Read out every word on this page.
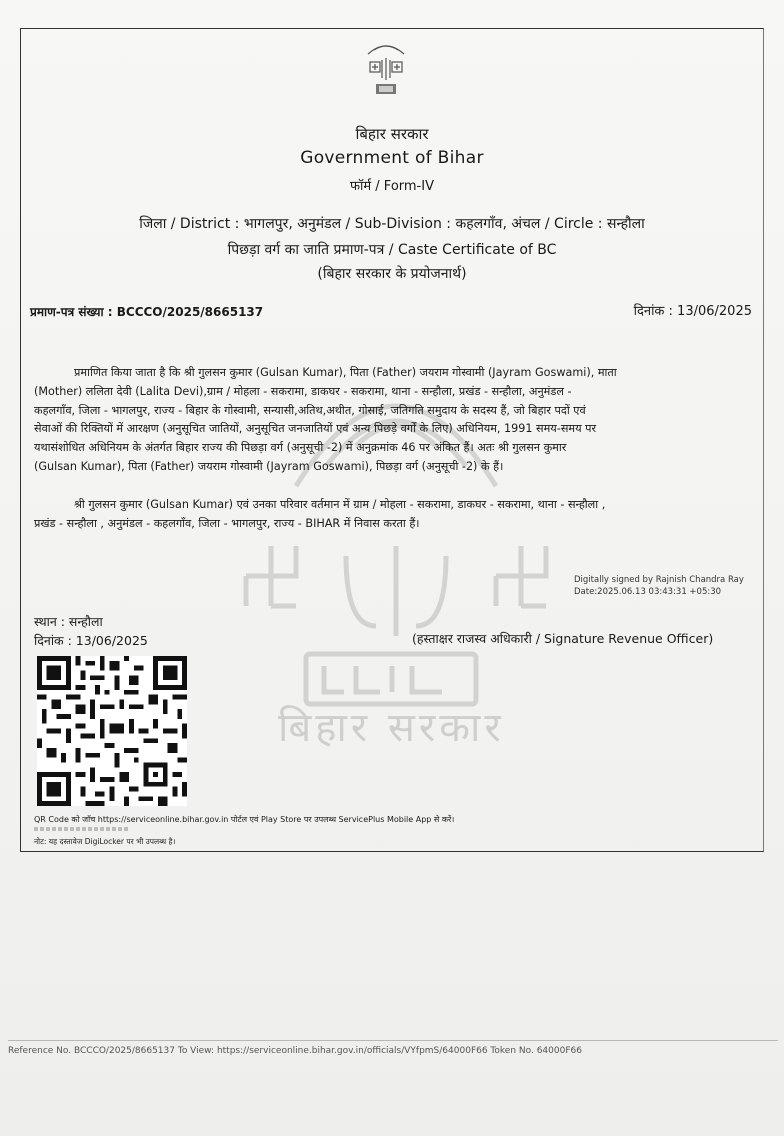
बिहार सरकार
बिहार सरकार
Government of Bihar
फॉर्म / Form-IV
जिला / District : भागलपुर, अनुमंडल / Sub-Division : कहलगाँव, अंचल / Circle : सन्हौला
पिछड़ा वर्ग का जाति प्रमाण-पत्र / Caste Certificate of BC
(बिहार सरकार के प्रयोजनार्थ)
प्रमाण-पत्र संख्या : BCCCO/2025/8665137	दिनांक : 13/06/2025
प्रमाणित किया जाता है कि श्री गुलसन कुमार (Gulsan Kumar), पिता (Father) जयराम गोस्वामी (Jayram Goswami), माता
(Mother) ललिता देवी (Lalita Devi),ग्राम / मोहला - सकरामा, डाकघर - सकरामा, थाना - सन्हौला, प्रखंड - सन्हौला, अनुमंडल -
कहलगाँव, जिला - भागलपुर, राज्य - बिहार के गोस्वामी, सन्यासी,अतिथ,अथीत, गोसाई, जतिगति समुदाय के सदस्य हैं, जो बिहार पदों एवं
सेवाओं की रिक्तियों में आरक्षण (अनुसूचित जातियों, अनुसूचित जनजातियों एवं अन्य पिछड़े वर्गों के लिए) अधिनियम, 1991 समय-समय पर
यथासंशोधित अधिनियम के अंतर्गत बिहार राज्य की पिछड़ा वर्ग (अनुसूची -2) में अनुक्रमांक 46 पर अंकित हैं। अतः श्री गुलसन कुमार
(Gulsan Kumar), पिता (Father) जयराम गोस्वामी (Jayram Goswami), पिछड़ा वर्ग (अनुसूची -2) के हैं।
श्री गुलसन कुमार (Gulsan Kumar) एवं उनका परिवार वर्तमान में ग्राम / मोहला - सकरामा, डाकघर - सकरामा, थाना - सन्हौला ,
प्रखंड - सन्हौला , अनुमंडल - कहलगाँव, जिला - भागलपुर, राज्य - BIHAR में निवास करता हैं।
Digitally signed by Rajnish Chandra Ray
Date:2025.06.13 03:43:31 +05:30
स्थान : सन्हौला
दिनांक : 13/06/2025	(हस्ताक्षर राजस्व अधिकारी / Signature Revenue Officer)
QR Code को जाँच https://serviceonline.bihar.gov.in पोर्टल एवं Play Store पर उपलब्ध ServicePlus Mobile App से करें।
नोट: यह दस्तावेज DigiLocker पर भी उपलब्ध है।
Reference No. BCCCO/2025/8665137 To View: https://serviceonline.bihar.gov.in/officials/VYfpmS/64000F66 Token No. 64000F66
